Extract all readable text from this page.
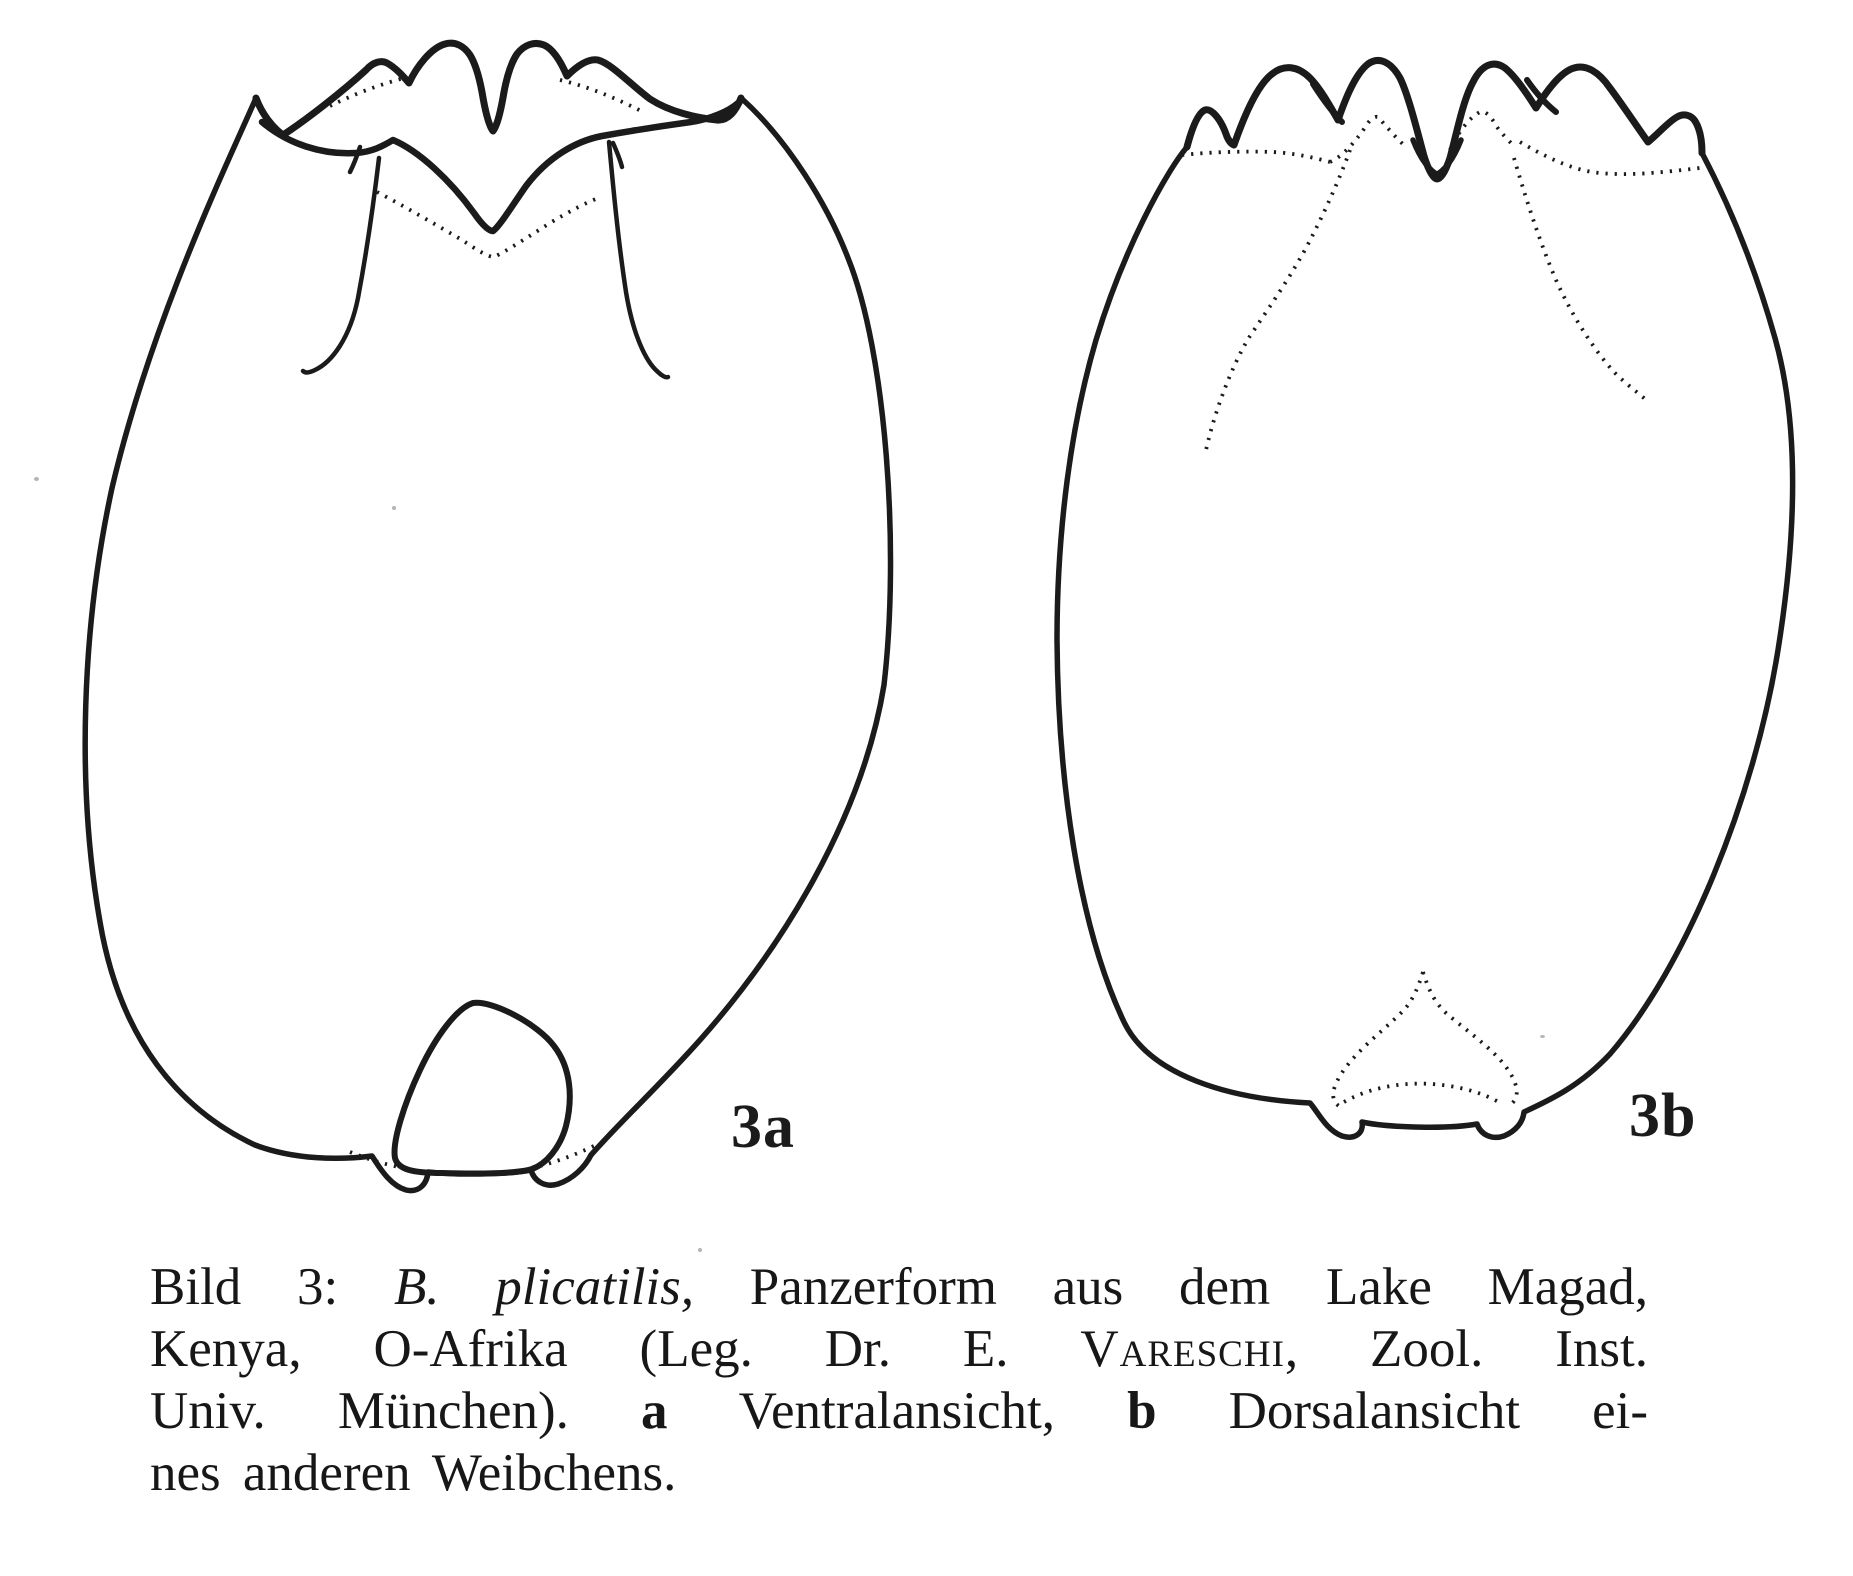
3a	3b
Bild 3: B. plicatilis, Panzerform aus dem Lake Magad,
Kenya, O-Afrika (Leg. Dr. E. Vareschi, Zool. Inst.
Univ. München). a Ventralansicht, b Dorsalansicht ei-
nes anderen Weibchens.
